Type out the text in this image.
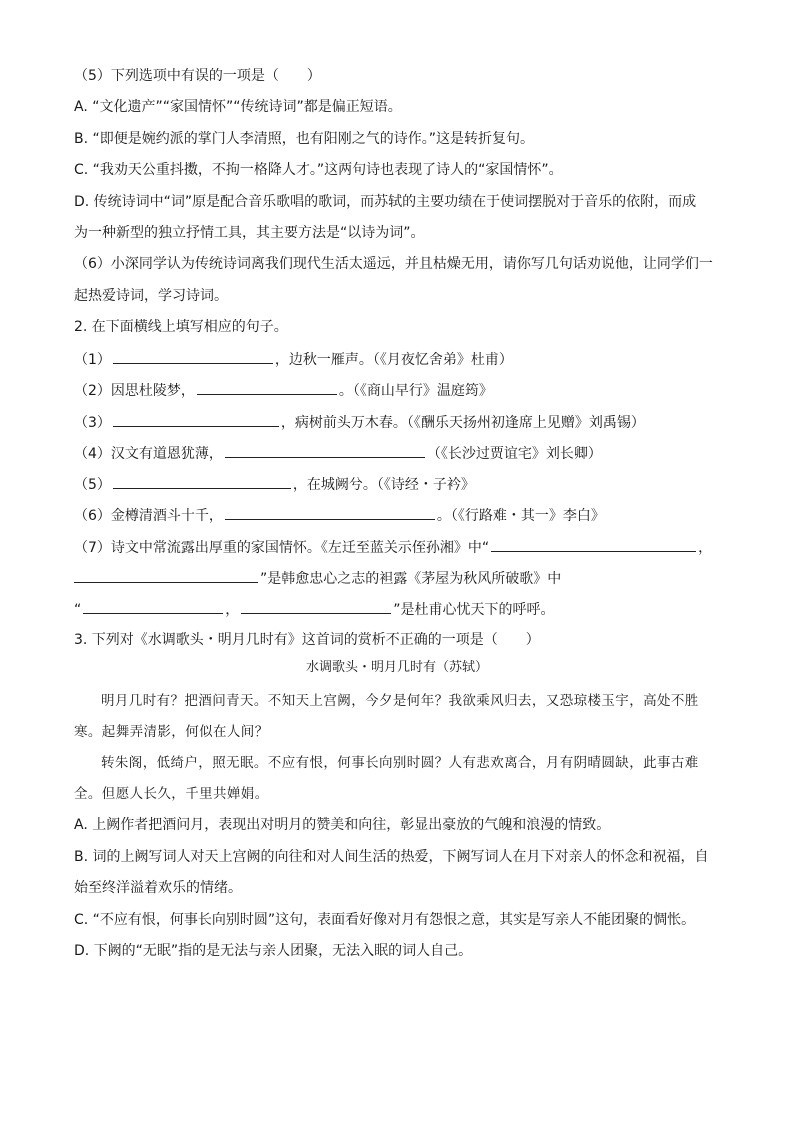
（5）下列选项中有误的一项是（　　）
A. “文化遗产”“家国情怀”“传统诗词”都是偏正短语。
B. “即便是婉约派的掌门人李清照，也有阳刚之气的诗作。”这是转折复句。
C. “我劝天公重抖擞，不拘一格降人才。”这两句诗也表现了诗人的“家国情怀”。
D. 传统诗词中“词”原是配合音乐歌唱的歌词，而苏轼的主要功绩在于使词摆脱对于音乐的依附，而成
为一种新型的独立抒情工具，其主要方法是“以诗为词”。
（6）小深同学认为传统诗词离我们现代生活太遥远，并且枯燥无用，请你写几句话劝说他，让同学们一
起热爱诗词，学习诗词。
2. 在下面横线上填写相应的句子。
（1）	，边秋一雁声。（《月夜忆舍弟》杜甫）
（2）因思杜陵梦，	。（《商山早行》温庭筠》
（3）	，病树前头万木春。（《酬乐天扬州初逢席上见赠》刘禹锡）
（4）汉文有道恩犹薄，	（《长沙过贾谊宅》刘长卿）
（5）	，在城阙兮。（《诗经・子衿》
（6）金樽清酒斗十千，	。（《行路难・其一》李白》
（7）诗文中常流露出厚重的家国情怀。《左迁至蓝关示侄孙湘》中“	，
”是韩愈忠心之志的袒露《茅屋为秋风所破歌》中
“	，	”是杜甫心忧天下的呼呼。
3. 下列对《水调歌头・明月几时有》这首词的赏析不正确的一项是（　　）
水调歌头・明月几时有（苏轼）
明月几时有？把酒问青天。不知天上宫阙，今夕是何年？我欲乘风归去，又恐琼楼玉宇，高处不胜寒。起舞弄清影，何似在人间？
转朱阁，低绮户，照无眠。不应有恨，何事长向别时圆？人有悲欢离合，月有阴晴圆缺，此事古难全。但愿人长久，千里共婵娟。
A. 上阙作者把酒问月，表现出对明月的赞美和向往，彰显出豪放的气魄和浪漫的情致。
B. 词的上阙写词人对天上宫阙的向往和对人间生活的热爱，下阙写词人在月下对亲人的怀念和祝福，自
始至终洋溢着欢乐的情绪。
C. “不应有恨，何事长向别时圆”这句，表面看好像对月有怨恨之意，其实是写亲人不能团聚的惆怅。
D. 下阙的“无眠”指的是无法与亲人团聚，无法入眠的词人自己。
